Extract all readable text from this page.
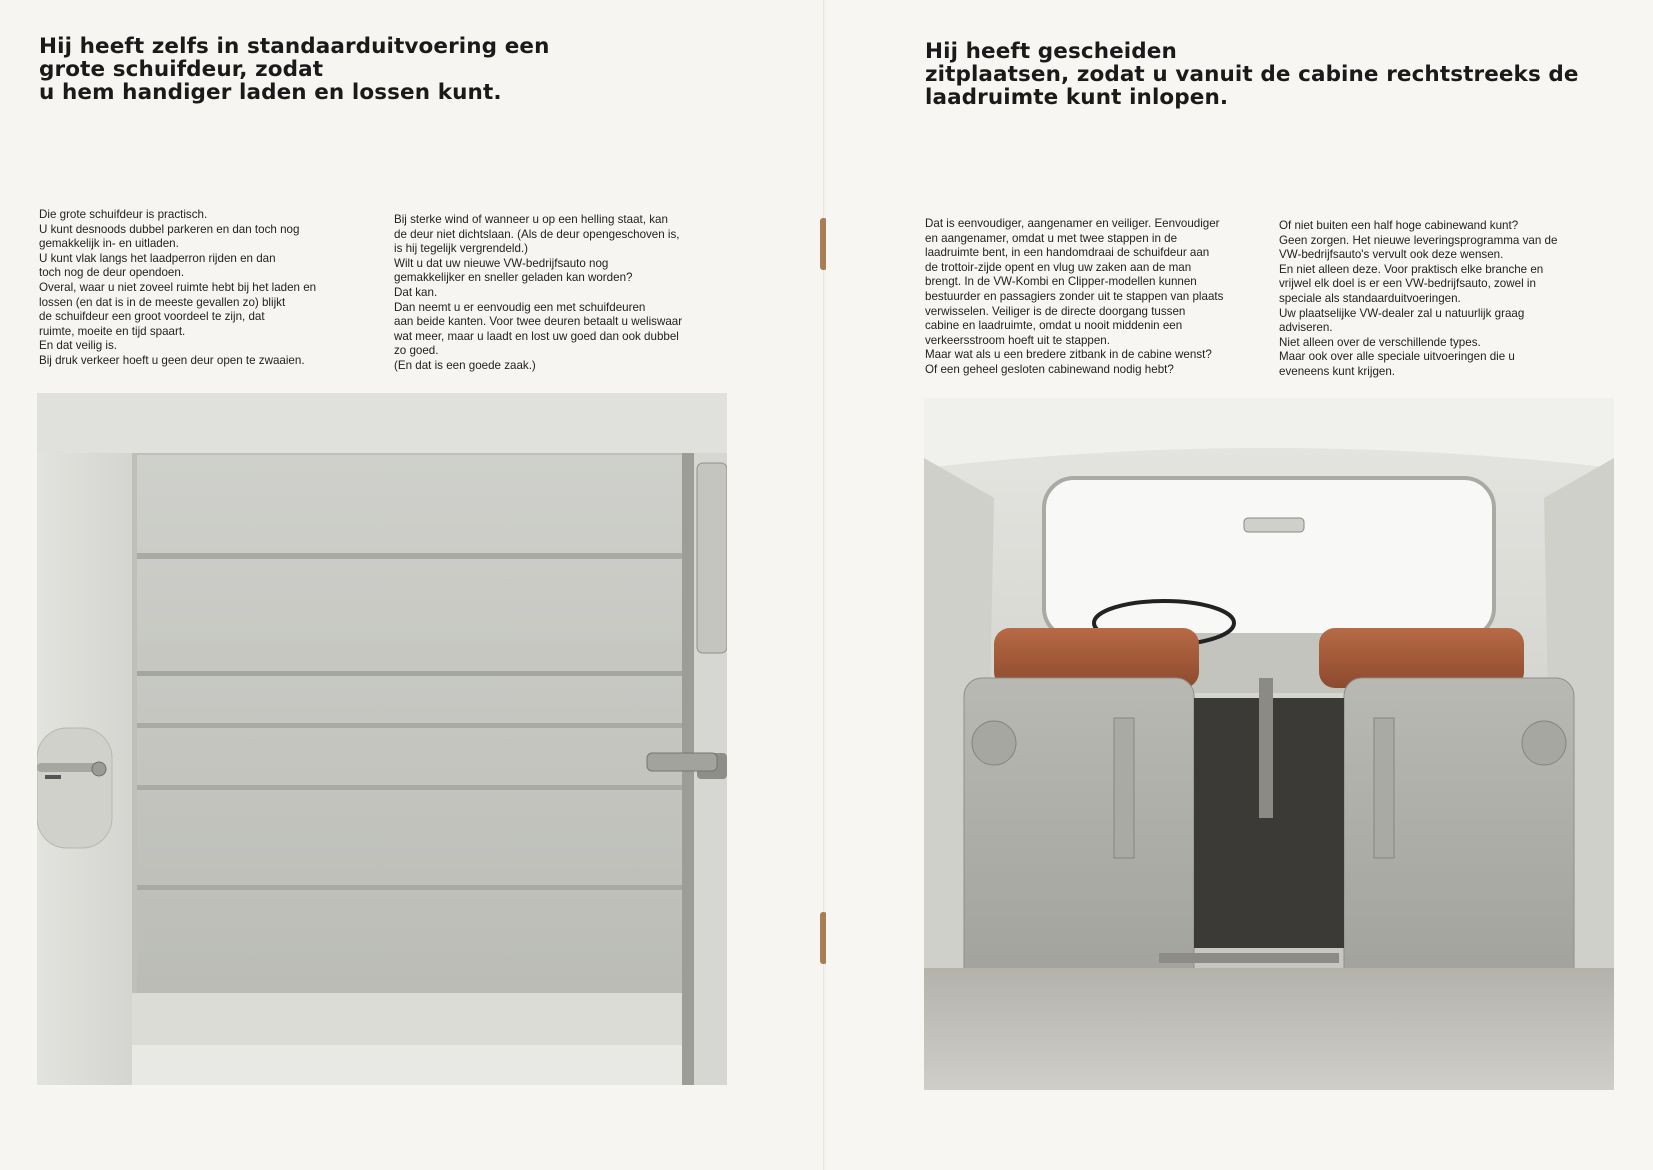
Hij heeft zelfs in standaarduitvoering een
grote schuifdeur, zodat
u hem handiger laden en lossen kunt.

Die grote schuifdeur is practisch.
U kunt desnoods dubbel parkeren en dan toch nog
gemakkelijk in- en uitladen.
U kunt vlak langs het laadperron rijden en dan
toch nog de deur opendoen.
Overal, waar u niet zoveel ruimte hebt bij het laden en
lossen (en dat is in de meeste gevallen zo) blijkt
de schuifdeur een groot voordeel te zijn, dat
ruimte, moeite en tijd spaart.
En dat veilig is.
Bij druk verkeer hoeft u geen deur open te zwaaien.

Bij sterke wind of wanneer u op een helling staat, kan
de deur niet dichtslaan. (Als de deur opengeschoven is,
is hij tegelijk vergrendeld.)
Wilt u dat uw nieuwe VW-bedrijfsauto nog
gemakkelijker en sneller geladen kan worden?
Dat kan.
Dan neemt u er eenvoudig een met schuifdeuren
aan beide kanten. Voor twee deuren betaalt u weliswaar
wat meer, maar u laadt en lost uw goed dan ook dubbel
zo goed.
(En dat is een goede zaak.)

Hij heeft gescheiden
zitplaatsen, zodat u vanuit de cabine rechtstreeks de
laadruimte kunt inlopen.

Dat is eenvoudiger, aangenamer en veiliger. Eenvoudiger
en aangenamer, omdat u met twee stappen in de
laadruimte bent, in een handomdraai de schuifdeur aan
de trottoir-zijde opent en vlug uw zaken aan de man
brengt. In de VW-Kombi en Clipper-modellen kunnen
bestuurder en passagiers zonder uit te stappen van plaats
verwisselen. Veiliger is de directe doorgang tussen
cabine en laadruimte, omdat u nooit middenin een
verkeersstroom hoeft uit te stappen.
Maar wat als u een bredere zitbank in de cabine wenst?
Of een geheel gesloten cabinewand nodig hebt?

Of niet buiten een half hoge cabinewand kunt?
Geen zorgen. Het nieuwe leveringsprogramma van de
VW-bedrijfsauto's vervult ook deze wensen.
En niet alleen deze. Voor praktisch elke branche en
vrijwel elk doel is er een VW-bedrijfsauto, zowel in
speciale als standaarduitvoeringen.
Uw plaatselijke VW-dealer zal u natuurlijk graag
adviseren.
Niet alleen over de verschillende types.
Maar ook over alle speciale uitvoeringen die u
eveneens kunt krijgen.
